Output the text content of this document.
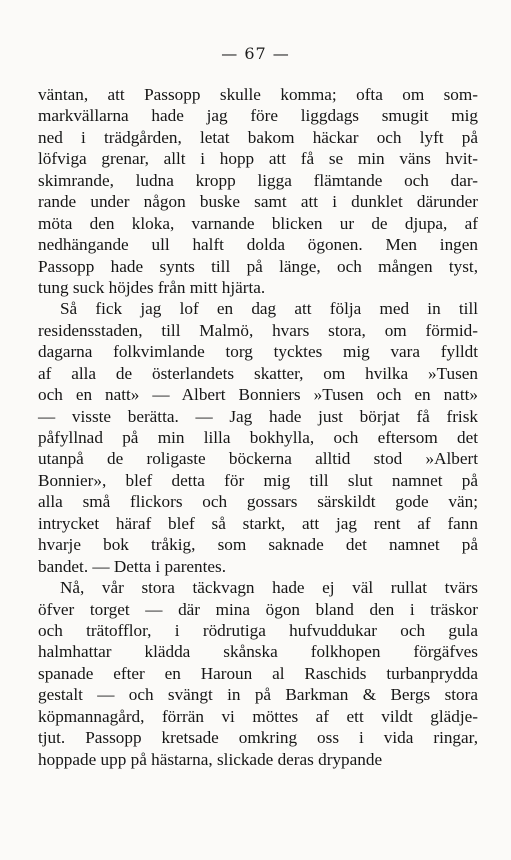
— 67 —
väntan, att Passopp skulle komma; ofta om som-
markvällarna hade jag före liggdags smugit mig
ned i trädgården, letat bakom häckar och lyft på
löfviga grenar, allt i hopp att få se min väns hvit-
skimrande, ludna kropp ligga flämtande och dar-
rande under någon buske samt att i dunklet därunder
möta den kloka, varnande blicken ur de djupa, af
nedhängande ull halft dolda ögonen. Men ingen
Passopp hade synts till på länge, och mången tyst,
tung suck höjdes från mitt hjärta.
Så fick jag lof en dag att följa med in till
residensstaden, till Malmö, hvars stora, om förmid-
dagarna folkvimlande torg tycktes mig vara fylldt
af alla de österlandets skatter, om hvilka »Tusen
och en natt» — Albert Bonniers »Tusen och en natt»
— visste berätta. — Jag hade just börjat få frisk
påfyllnad på min lilla bokhylla, och eftersom det
utanpå de roligaste böckerna alltid stod »Albert
Bonnier», blef detta för mig till slut namnet på
alla små flickors och gossars särskildt gode vän;
intrycket häraf blef så starkt, att jag rent af fann
hvarje bok tråkig, som saknade det namnet på
bandet. — Detta i parentes.
Nå, vår stora täckvagn hade ej väl rullat tvärs
öfver torget — där mina ögon bland den i träskor
och trätofflor, i rödrutiga hufvuddukar och gula
halmhattar klädda skånska folkhopen förgäfves
spanade efter en Haroun al Raschids turbanprydda
gestalt — och svängt in på Barkman & Bergs stora
köpmannagård, förrän vi möttes af ett vildt glädje-
tjut. Passopp kretsade omkring oss i vida ringar,
hoppade upp på hästarna, slickade deras drypande
